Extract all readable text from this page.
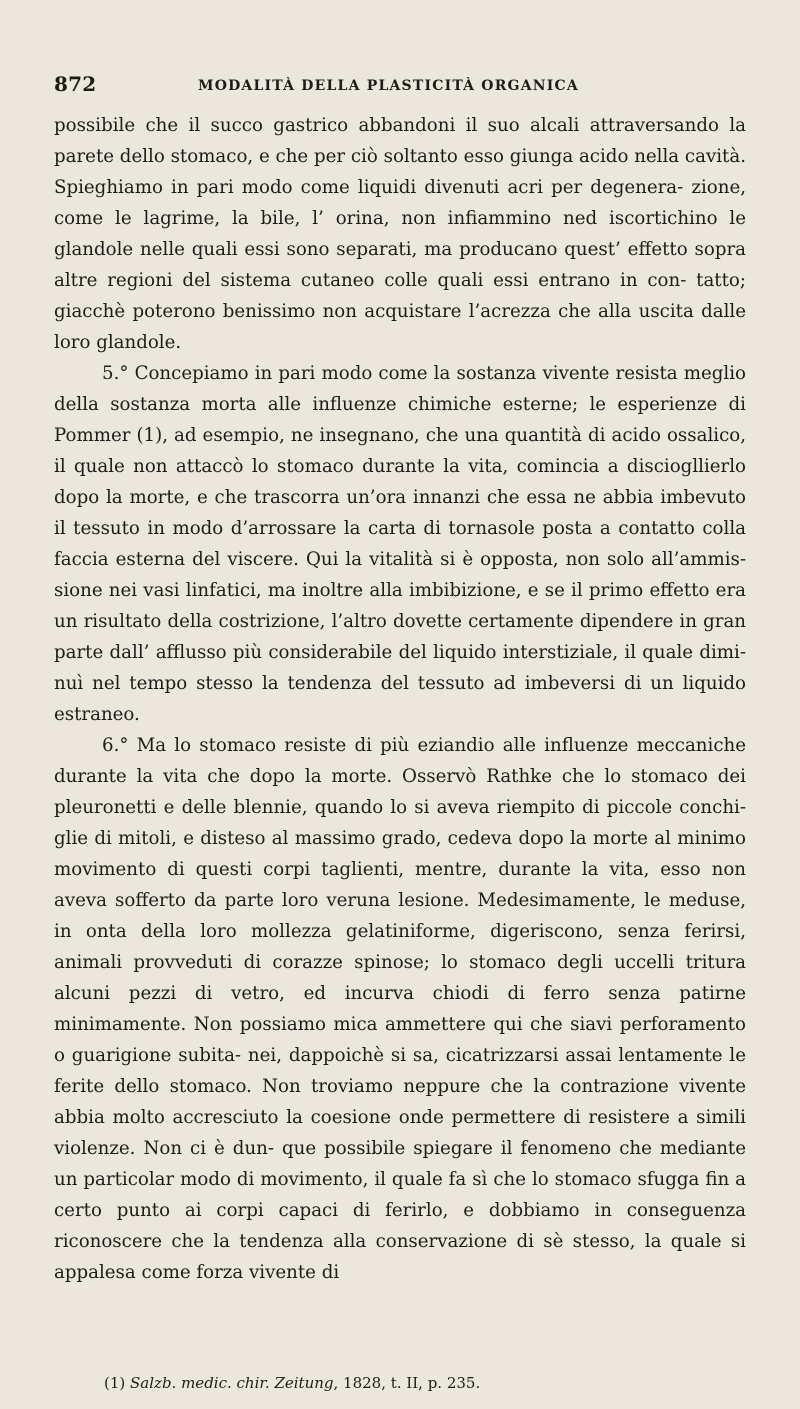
872	MODALITÀ DELLA PLASTICITÀ ORGANICA

possibile che il succo gastrico abbandoni il suo alcali attraversando la parete dello stomaco, e che per ciò soltanto esso giunga acido nella cavità. Spieghiamo in pari modo come liquidi divenuti acri per degenera- zione, come le lagrime, la bile, l’ orina, non infiammino ned iscortichino le glandole nelle quali essi sono separati, ma producano quest’ effetto sopra altre regioni del sistema cutaneo colle quali essi entrano in con- tatto; giacchè poterono benissimo non acquistare l’acrezza che alla uscita dalle loro glandole.

5.° Concepiamo in pari modo come la sostanza vivente resista meglio della sostanza morta alle influenze chimiche esterne; le esperienze di Pommer (1), ad esempio, ne insegnano, che una quantità di acido ossalico, il quale non attaccò lo stomaco durante la vita, comincia a disciogllierlo dopo la morte, e che trascorra un’ora innanzi che essa ne abbia imbevuto il tessuto in modo d’arrossare la carta di tornasole posta a contatto colla faccia esterna del viscere. Qui la vitalità si è opposta, non solo all’ammis- sione nei vasi linfatici, ma inoltre alla imbibizione, e se il primo effetto era un risultato della costrizione, l’altro dovette certamente dipendere in gran parte dall’ afflusso più considerabile del liquido interstiziale, il quale dimi- nuì nel tempo stesso la tendenza del tessuto ad imbeversi di un liquido estraneo.

6.° Ma lo stomaco resiste di più eziandio alle influenze meccaniche durante la vita che dopo la morte. Osservò Rathke che lo stomaco dei pleuronetti e delle blennie, quando lo si aveva riempito di piccole conchi- glie di mitoli, e disteso al massimo grado, cedeva dopo la morte al minimo movimento di questi corpi taglienti, mentre, durante la vita, esso non aveva sofferto da parte loro veruna lesione. Medesimamente, le meduse, in onta della loro mollezza gelatiniforme, digeriscono, senza ferirsi, animali provveduti di corazze spinose; lo stomaco degli uccelli tritura alcuni pezzi di vetro, ed incurva chiodi di ferro senza patirne minimamente. Non possiamo mica ammettere qui che siavi perforamento o guarigione subita- nei, dappoichè si sa, cicatrizzarsi assai lentamente le ferite dello stomaco. Non troviamo neppure che la contrazione vivente abbia molto accresciuto la coesione onde permettere di resistere a simili violenze. Non ci è dun- que possibile spiegare il fenomeno che mediante un particolar modo di movimento, il quale fa sì che lo stomaco sfugga fin a certo punto ai corpi capaci di ferirlo, e dobbiamo in conseguenza riconoscere che la tendenza alla conservazione di sè stesso, la quale si appalesa come forza vivente di

(1) Salzb. medic. chir. Zeitung, 1828, t. II, p. 235.
